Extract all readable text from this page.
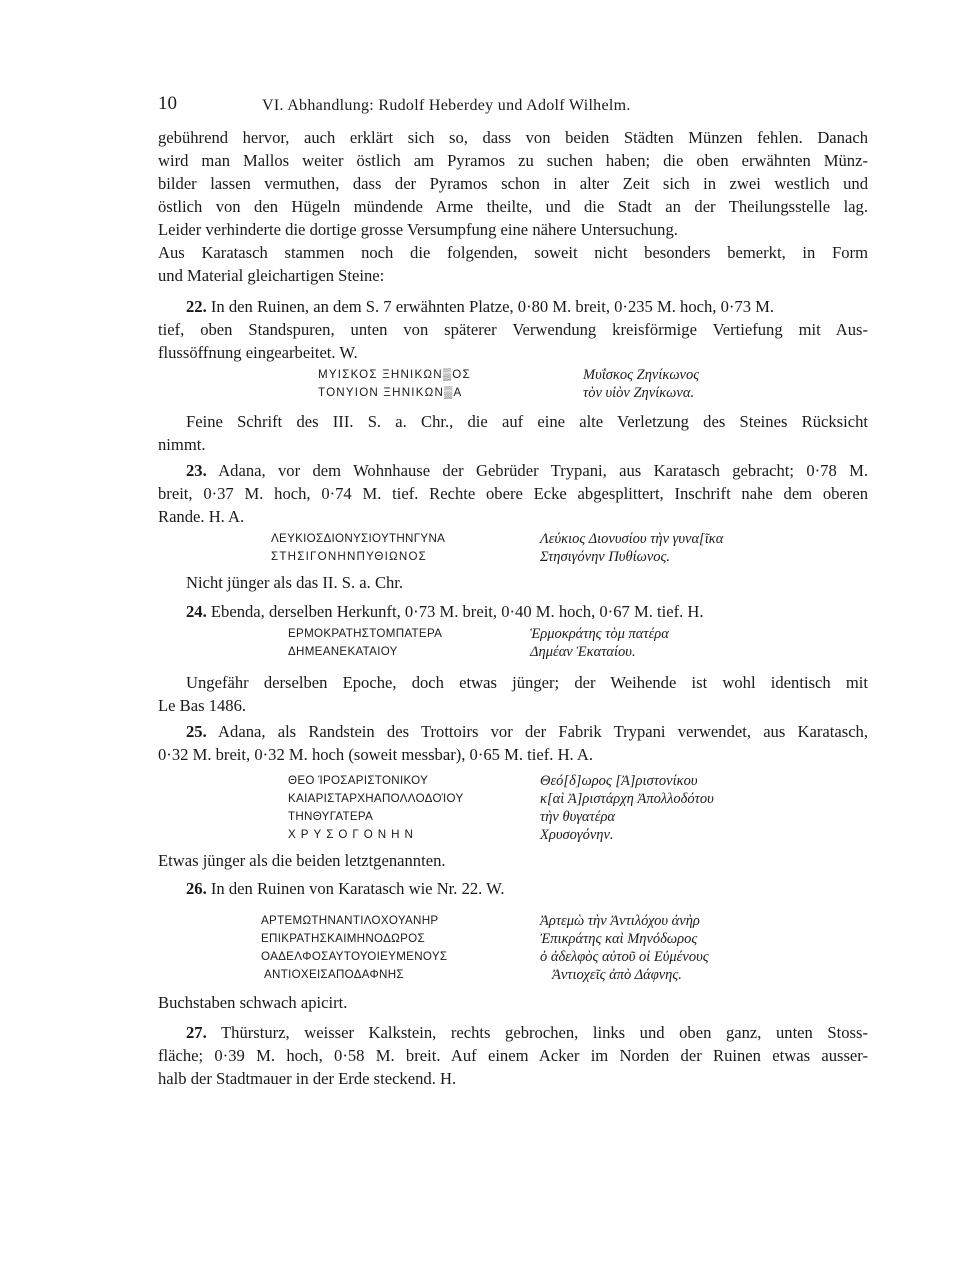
10	VI. Abhandlung: Rudolf Heberdey und Adolf Wilhelm.
gebührend hervor, auch erklärt sich so, dass von beiden Städten Münzen fehlen. Danach
wird man Mallos weiter östlich am Pyramos zu suchen haben; die oben erwähnten Münz-
bilder lassen vermuthen, dass der Pyramos schon in alter Zeit sich in zwei westlich und
östlich von den Hügeln mündende Arme theilte, und die Stadt an der Theilungsstelle lag.
Leider verhinderte die dortige grosse Versumpfung eine nähere Untersuchung.
Aus Karatasch stammen noch die folgenden, soweit nicht besonders bemerkt, in Form
und Material gleichartigen Steine:
22. In den Ruinen, an dem S. 7 erwähnten Platze, 0·80 M. breit, 0·235 M. hoch, 0·73 M.
tief, oben Standspuren, unten von späterer Verwendung kreisförmige Vertiefung mit Aus-
flussöffnung eingearbeitet. W.
ΜΥΙΣΚΟΣ ΞΗΝΙΚΩΝ▒ΟΣ
ΤΟΝΥΙΟΝ ΞΗΝΙΚΩΝ▒Α
Μυΐσκος Ζηνίκωνος
τὸν υἱὸν Ζηνίκωνα.
Feine Schrift des III. S. a. Chr., die auf eine alte Verletzung des Steines Rücksicht
nimmt.
23. Adana, vor dem Wohnhause der Gebrüder Trypani, aus Karatasch gebracht; 0·78 M.
breit, 0·37 M. hoch, 0·74 M. tief. Rechte obere Ecke abgesplittert, Inschrift nahe dem oberen
Rande. H. A.
ΛΕΥΚΙΟΣΔΙΟΝΥΣΙΟΥΤΗΝΓΥΝΑ
ΣΤΗΣΙΓΟΝΗΝΠΥΘΙΩΝΟΣ
Λεύκιος Διονυσίου τὴν γυνα[ῖκα
Στησιγόνην Πυθίωνος.
Nicht jünger als das II. S. a. Chr.
24. Ebenda, derselben Herkunft, 0·73 M. breit, 0·40 M. hoch, 0·67 M. tief. H.
ΕΡΜΟΚΡΑΤΗΣΤΟΜΠΑΤΕΡΑ
ΔΗΜΕΑΝΕΚΑΤΑΙΟΥ
Ἑρμοκράτης τὸμ πατέρα
Δημέαν Ἑκαταίου.
Ungefähr derselben Epoche, doch etwas jünger; der Weihende ist wohl identisch mit
Le Bas 1486.
25. Adana, als Randstein des Trottoirs vor der Fabrik Trypani verwendet, aus Karatasch,
0·32 M. breit, 0·32 M. hoch (soweit messbar), 0·65 M. tief. H. A.
ΘΕΟ ΊΡΟΣΑΡΙΣΤΟΝΙΚΟΥ
ΚΑΙΑΡΙΣΤΑΡΧΗΑΠΟΛΛΟΔΟΊΟΥ
ΤΗΝΘΥΓΑΤΕΡΑ
ΧΡΥΣΟΓΟΝΗΝ
Θεό[δ]ωρος [Ἀ]ριστονίκου
κ[αὶ Ἀ]ριστάρχη Ἀπολλοδότου
τὴν θυγατέρα
Χρυσογόνην.
Etwas jünger als die beiden letztgenannten.
26. In den Ruinen von Karatasch wie Nr. 22. W.
ΑΡΤΕΜΩΤΗΝΑΝΤΙΛΟΧΟΥΑΝΗΡ
ΕΠΙΚΡΑΤΗΣΚΑΙΜΗΝΟΔΩΡΟΣ
ΟΑΔΕΛΦΟΣΑΥΤΟΥΟΙΕΥΜΕΝΟΥΣ
ΑΝΤΙΟΧΕΙΣΑΠΟΔΑΦΝΗΣ
Ἀρτεμὼ τὴν Ἀντιλόχου ἀνὴρ
Ἐπικράτης καὶ Μηνόδωρος
ὁ ἀδελφὸς αὐτοῦ οἱ Εὐμένους
Ἀντιοχεῖς ἀπὸ Δάφνης.
Buchstaben schwach apicirt.
27. Thürsturz, weisser Kalkstein, rechts gebrochen, links und oben ganz, unten Stoss-
fläche; 0·39 M. hoch, 0·58 M. breit. Auf einem Acker im Norden der Ruinen etwas ausser-
halb der Stadtmauer in der Erde steckend. H.
